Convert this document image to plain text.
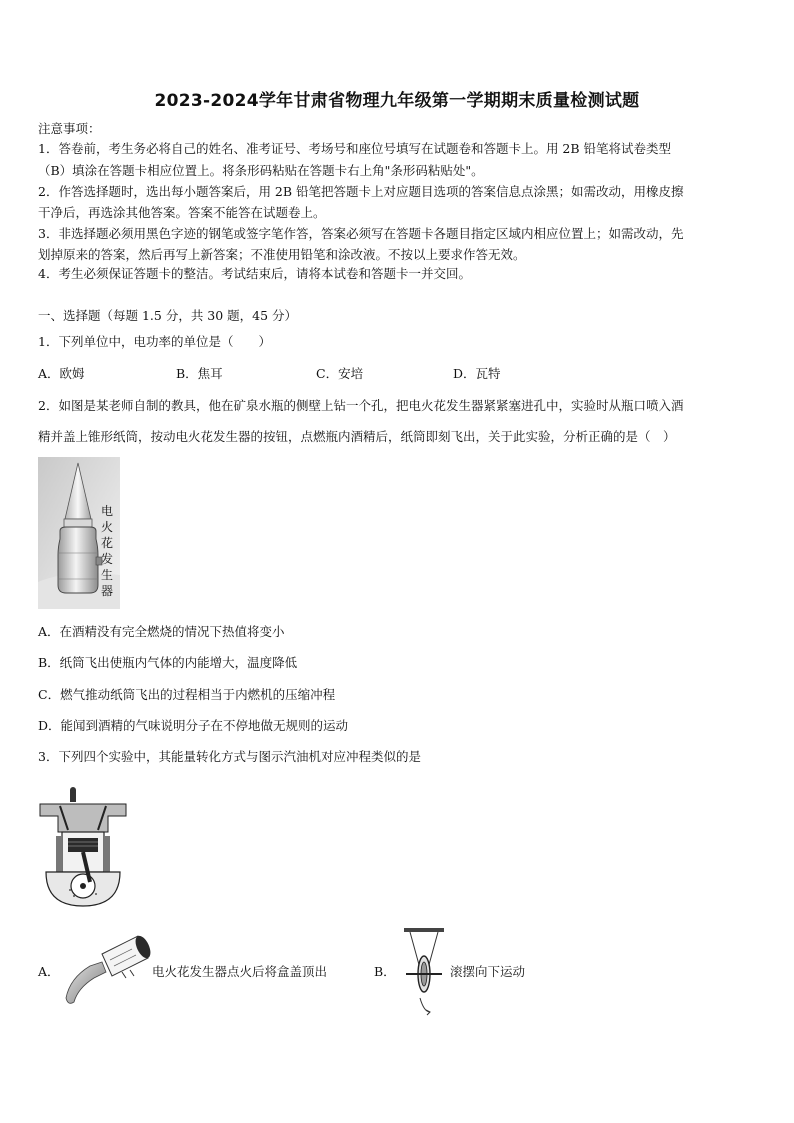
2023-2024学年甘肃省物理九年级第一学期期末质量检测试题
注意事项：
1．答卷前，考生务必将自己的姓名、准考证号、考场号和座位号填写在试题卷和答题卡上。用 2B 铅笔将试卷类型
（B）填涂在答题卡相应位置上。将条形码粘贴在答题卡右上角"条形码粘贴处"。
2．作答选择题时，选出每小题答案后，用 2B 铅笔把答题卡上对应题目选项的答案信息点涂黑；如需改动，用橡皮擦
干净后，再选涂其他答案。答案不能答在试题卷上。
3．非选择题必须用黑色字迹的钢笔或签字笔作答，答案必须写在答题卡各题目指定区域内相应位置上；如需改动，先
划掉原来的答案，然后再写上新答案；不准使用铅笔和涂改液。不按以上要求作答无效。
4．考生必须保证答题卡的整洁。考试结束后，请将本试卷和答题卡一并交回。
一、选择题（每题 1.5 分，共 30 题，45 分）
1．下列单位中，电功率的单位是（　　）
A．欧姆	B．焦耳	C．安培	D．瓦特
2．如图是某老师自制的教具，他在矿泉水瓶的侧壁上钻一个孔，把电火花发生器紧紧塞进孔中，实验时从瓶口喷入酒
精并盖上锥形纸筒，按动电火花发生器的按钮，点燃瓶内酒精后，纸筒即刻飞出，关于此实验，分析正确的是（　）
电
火
花
发
生
器
A．在酒精没有完全燃烧的情况下热值将变小
B．纸筒飞出使瓶内气体的内能增大，温度降低
C．燃气推动纸筒飞出的过程相当于内燃机的压缩冲程
D．能闻到酒精的气味说明分子在不停地做无规则的运动
3．下列四个实验中，其能量转化方式与图示汽油机对应冲程类似的是
A．	电火花发生器点火后将盒盖顶出	B．	滚摆向下运动
